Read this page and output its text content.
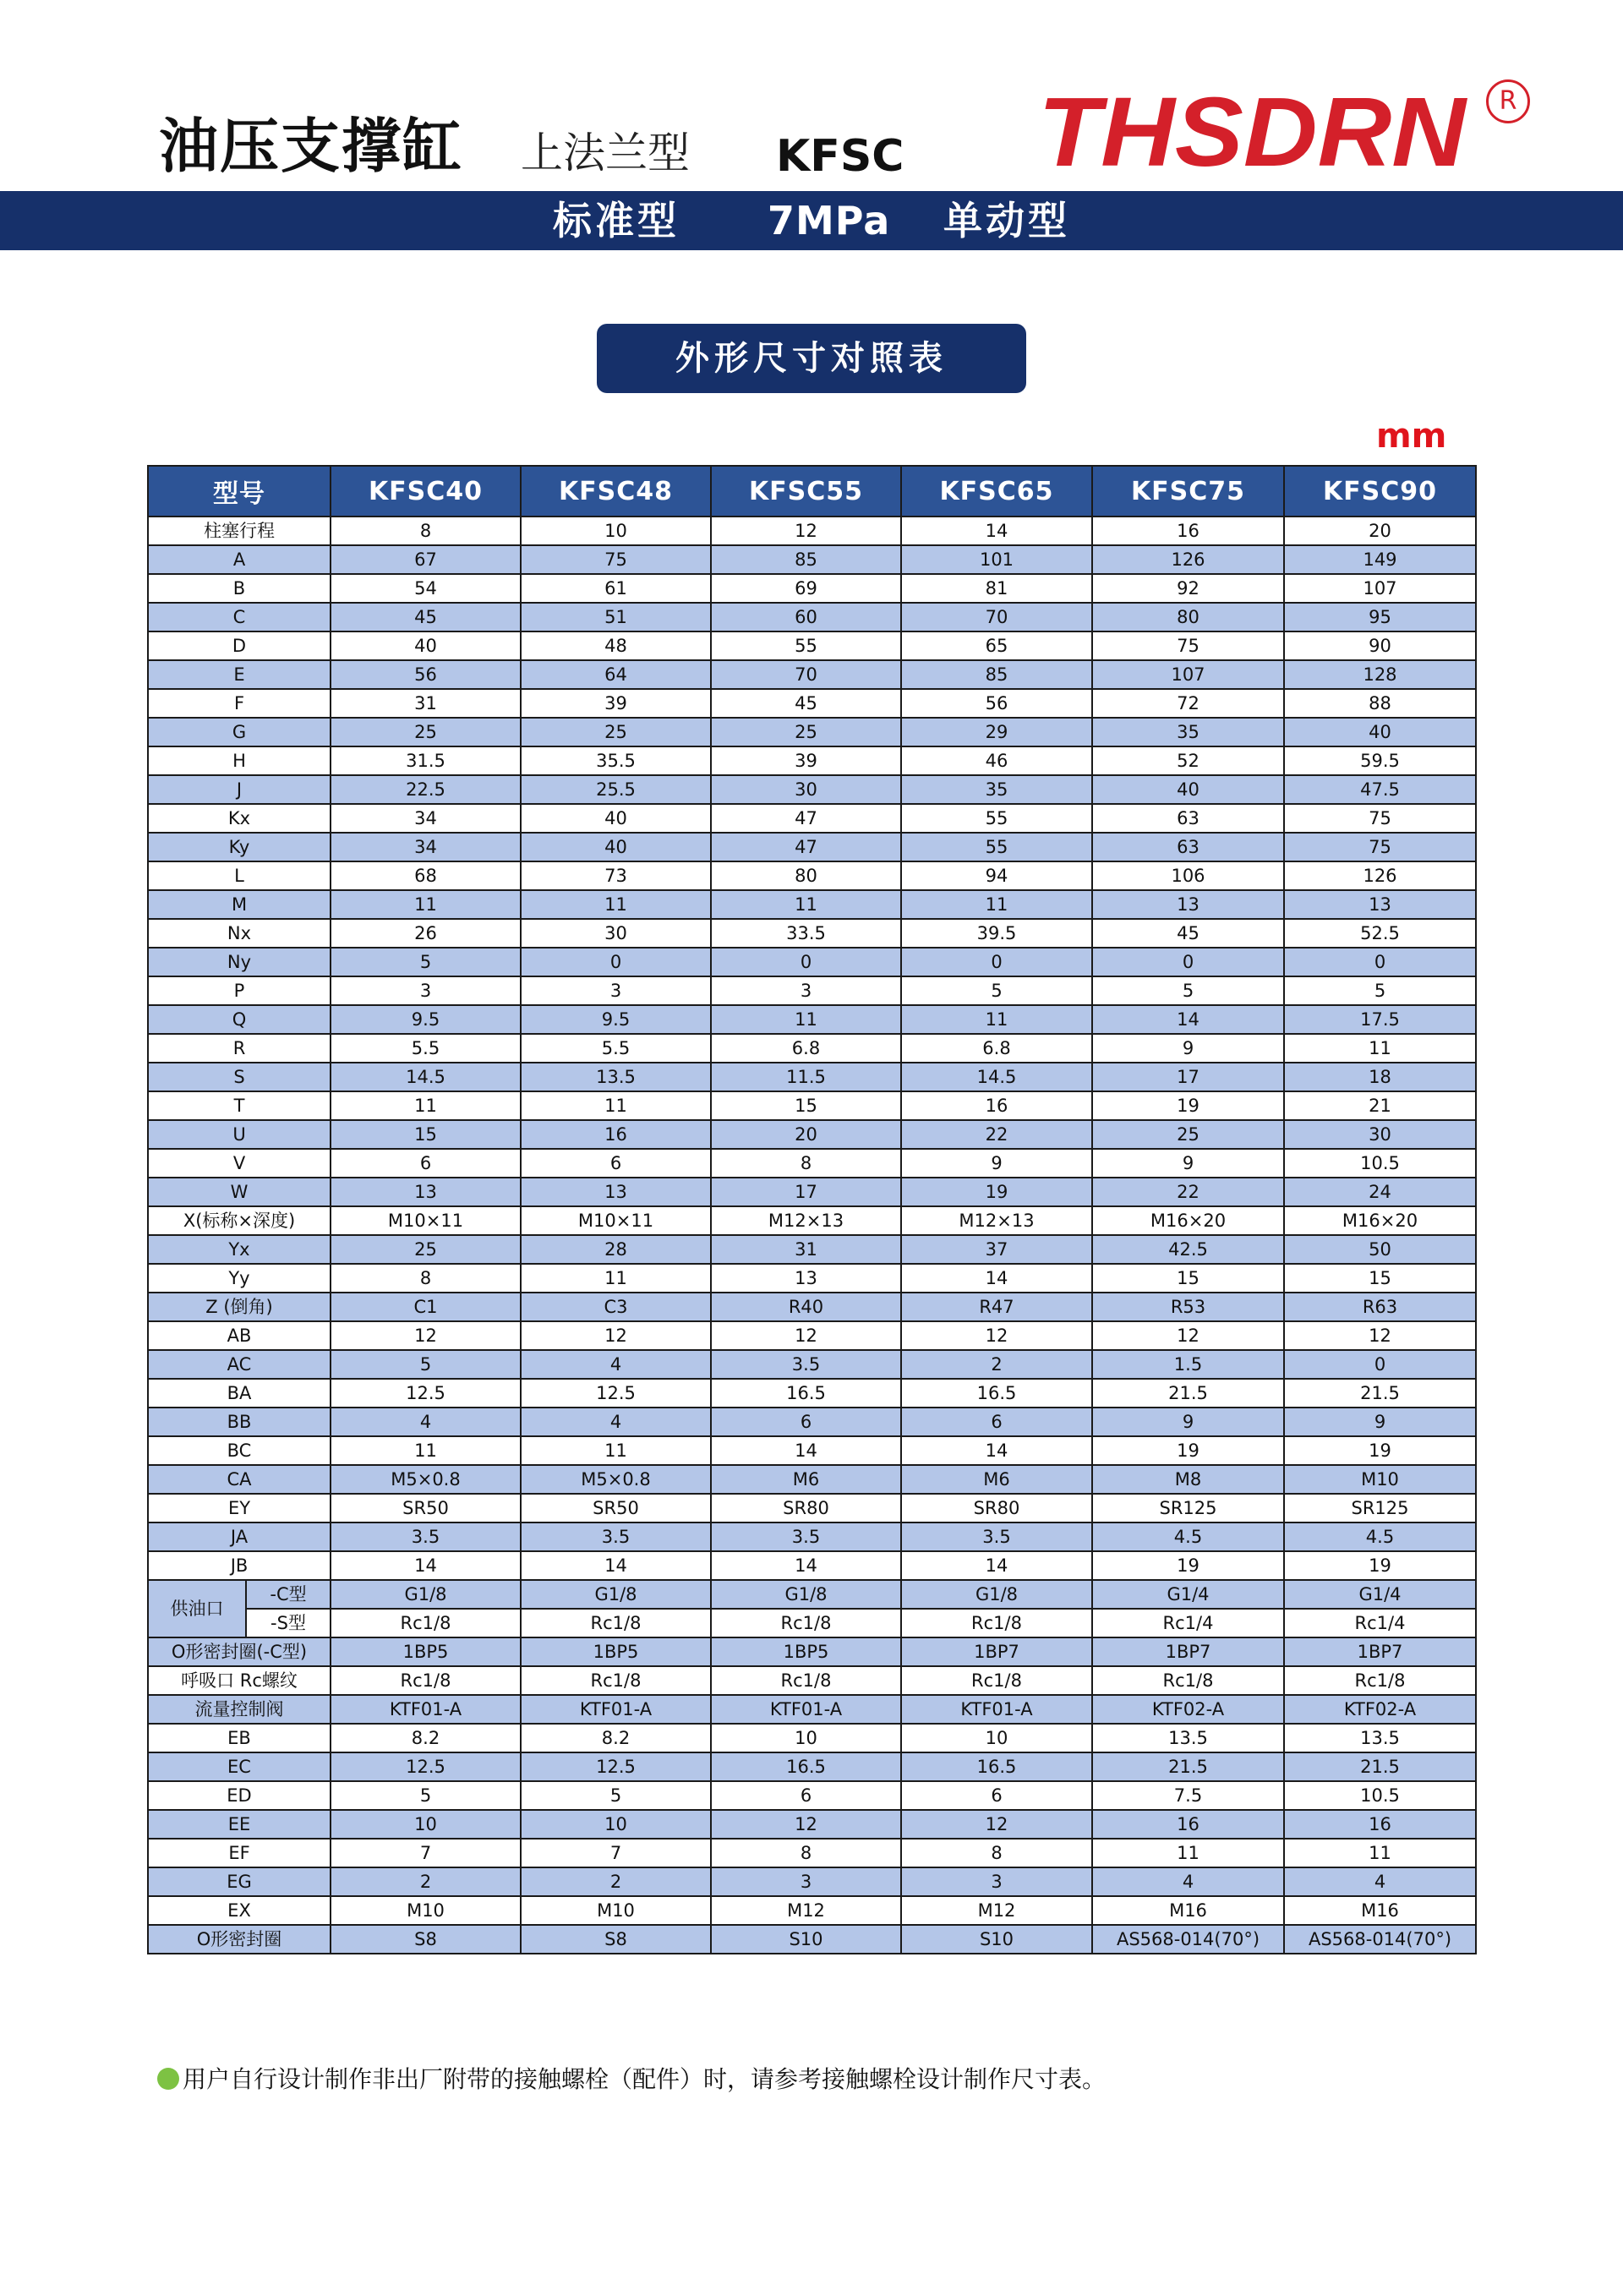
油压支撑缸 上法兰型 KFSC THSDRN	R
标准型 7MPa 单动型
外形尺寸对照表
mm
型号		KFSC40	KFSC48	KFSC55	KFSC65	KFSC75	KFSC90
柱塞行程		8	10	12	14	16	20
A		67	75	85	101	126	149
B		54	61	69	81	92	107
C		45	51	60	70	80	95
D		40	48	55	65	75	90
E		56	64	70	85	107	128
F		31	39	45	56	72	88
G		25	25	25	29	35	40
H		31.5	35.5	39	46	52	59.5
J		22.5	25.5	30	35	40	47.5
Kx		34	40	47	55	63	75
Ky		34	40	47	55	63	75
L		68	73	80	94	106	126
M		11	11	11	11	13	13
Nx		26	30	33.5	39.5	45	52.5
Ny		5	0	0	0	0	0
P		3	3	3	5	5	5
Q		9.5	9.5	11	11	14	17.5
R		5.5	5.5	6.8	6.8	9	11
S		14.5	13.5	11.5	14.5	17	18
T		11	11	15	16	19	21
U		15	16	20	22	25	30
V		6	6	8	9	9	10.5
W		13	13	17	19	22	24
X(标称×深度)		M10×11	M10×11	M12×13	M12×13	M16×20	M16×20
Yx		25	28	31	37	42.5	50
Yy		8	11	13	14	15	15
Z (倒角)		C1	C3	R40	R47	R53	R63
AB		12	12	12	12	12	12
AC		5	4	3.5	2	1.5	0
BA		12.5	12.5	16.5	16.5	21.5	21.5
BB		4	4	6	6	9	9
BC		11	11	14	14	19	19
CA		M5×0.8	M5×0.8	M6	M6	M8	M10
EY		SR50	SR50	SR80	SR80	SR125	SR125
JA		3.5	3.5	3.5	3.5	4.5	4.5
JB		14	14	14	14	19	19
供油口	-C型	G1/8	G1/8	G1/8	G1/8	G1/4	G1/4
	-S型	Rc1/8	Rc1/8	Rc1/8	Rc1/8	Rc1/4	Rc1/4
O形密封圈(-C型)		1BP5	1BP5	1BP5	1BP7	1BP7	1BP7
呼吸口 Rc螺纹		Rc1/8	Rc1/8	Rc1/8	Rc1/8	Rc1/8	Rc1/8
流量控制阀		KTF01-A	KTF01-A	KTF01-A	KTF01-A	KTF02-A	KTF02-A
EB		8.2	8.2	10	10	13.5	13.5
EC		12.5	12.5	16.5	16.5	21.5	21.5
ED		5	5	6	6	7.5	10.5
EE		10	10	12	12	16	16
EF		7	7	8	8	11	11
EG		2	2	3	3	4	4
EX		M10	M10	M12	M12	M16	M16
O形密封圈		S8	S8	S10	S10	AS568-014(70°)	AS568-014(70°)
用户自行设计制作非出厂附带的接触螺栓（配件）时，请参考接触螺栓设计制作尺寸表。
